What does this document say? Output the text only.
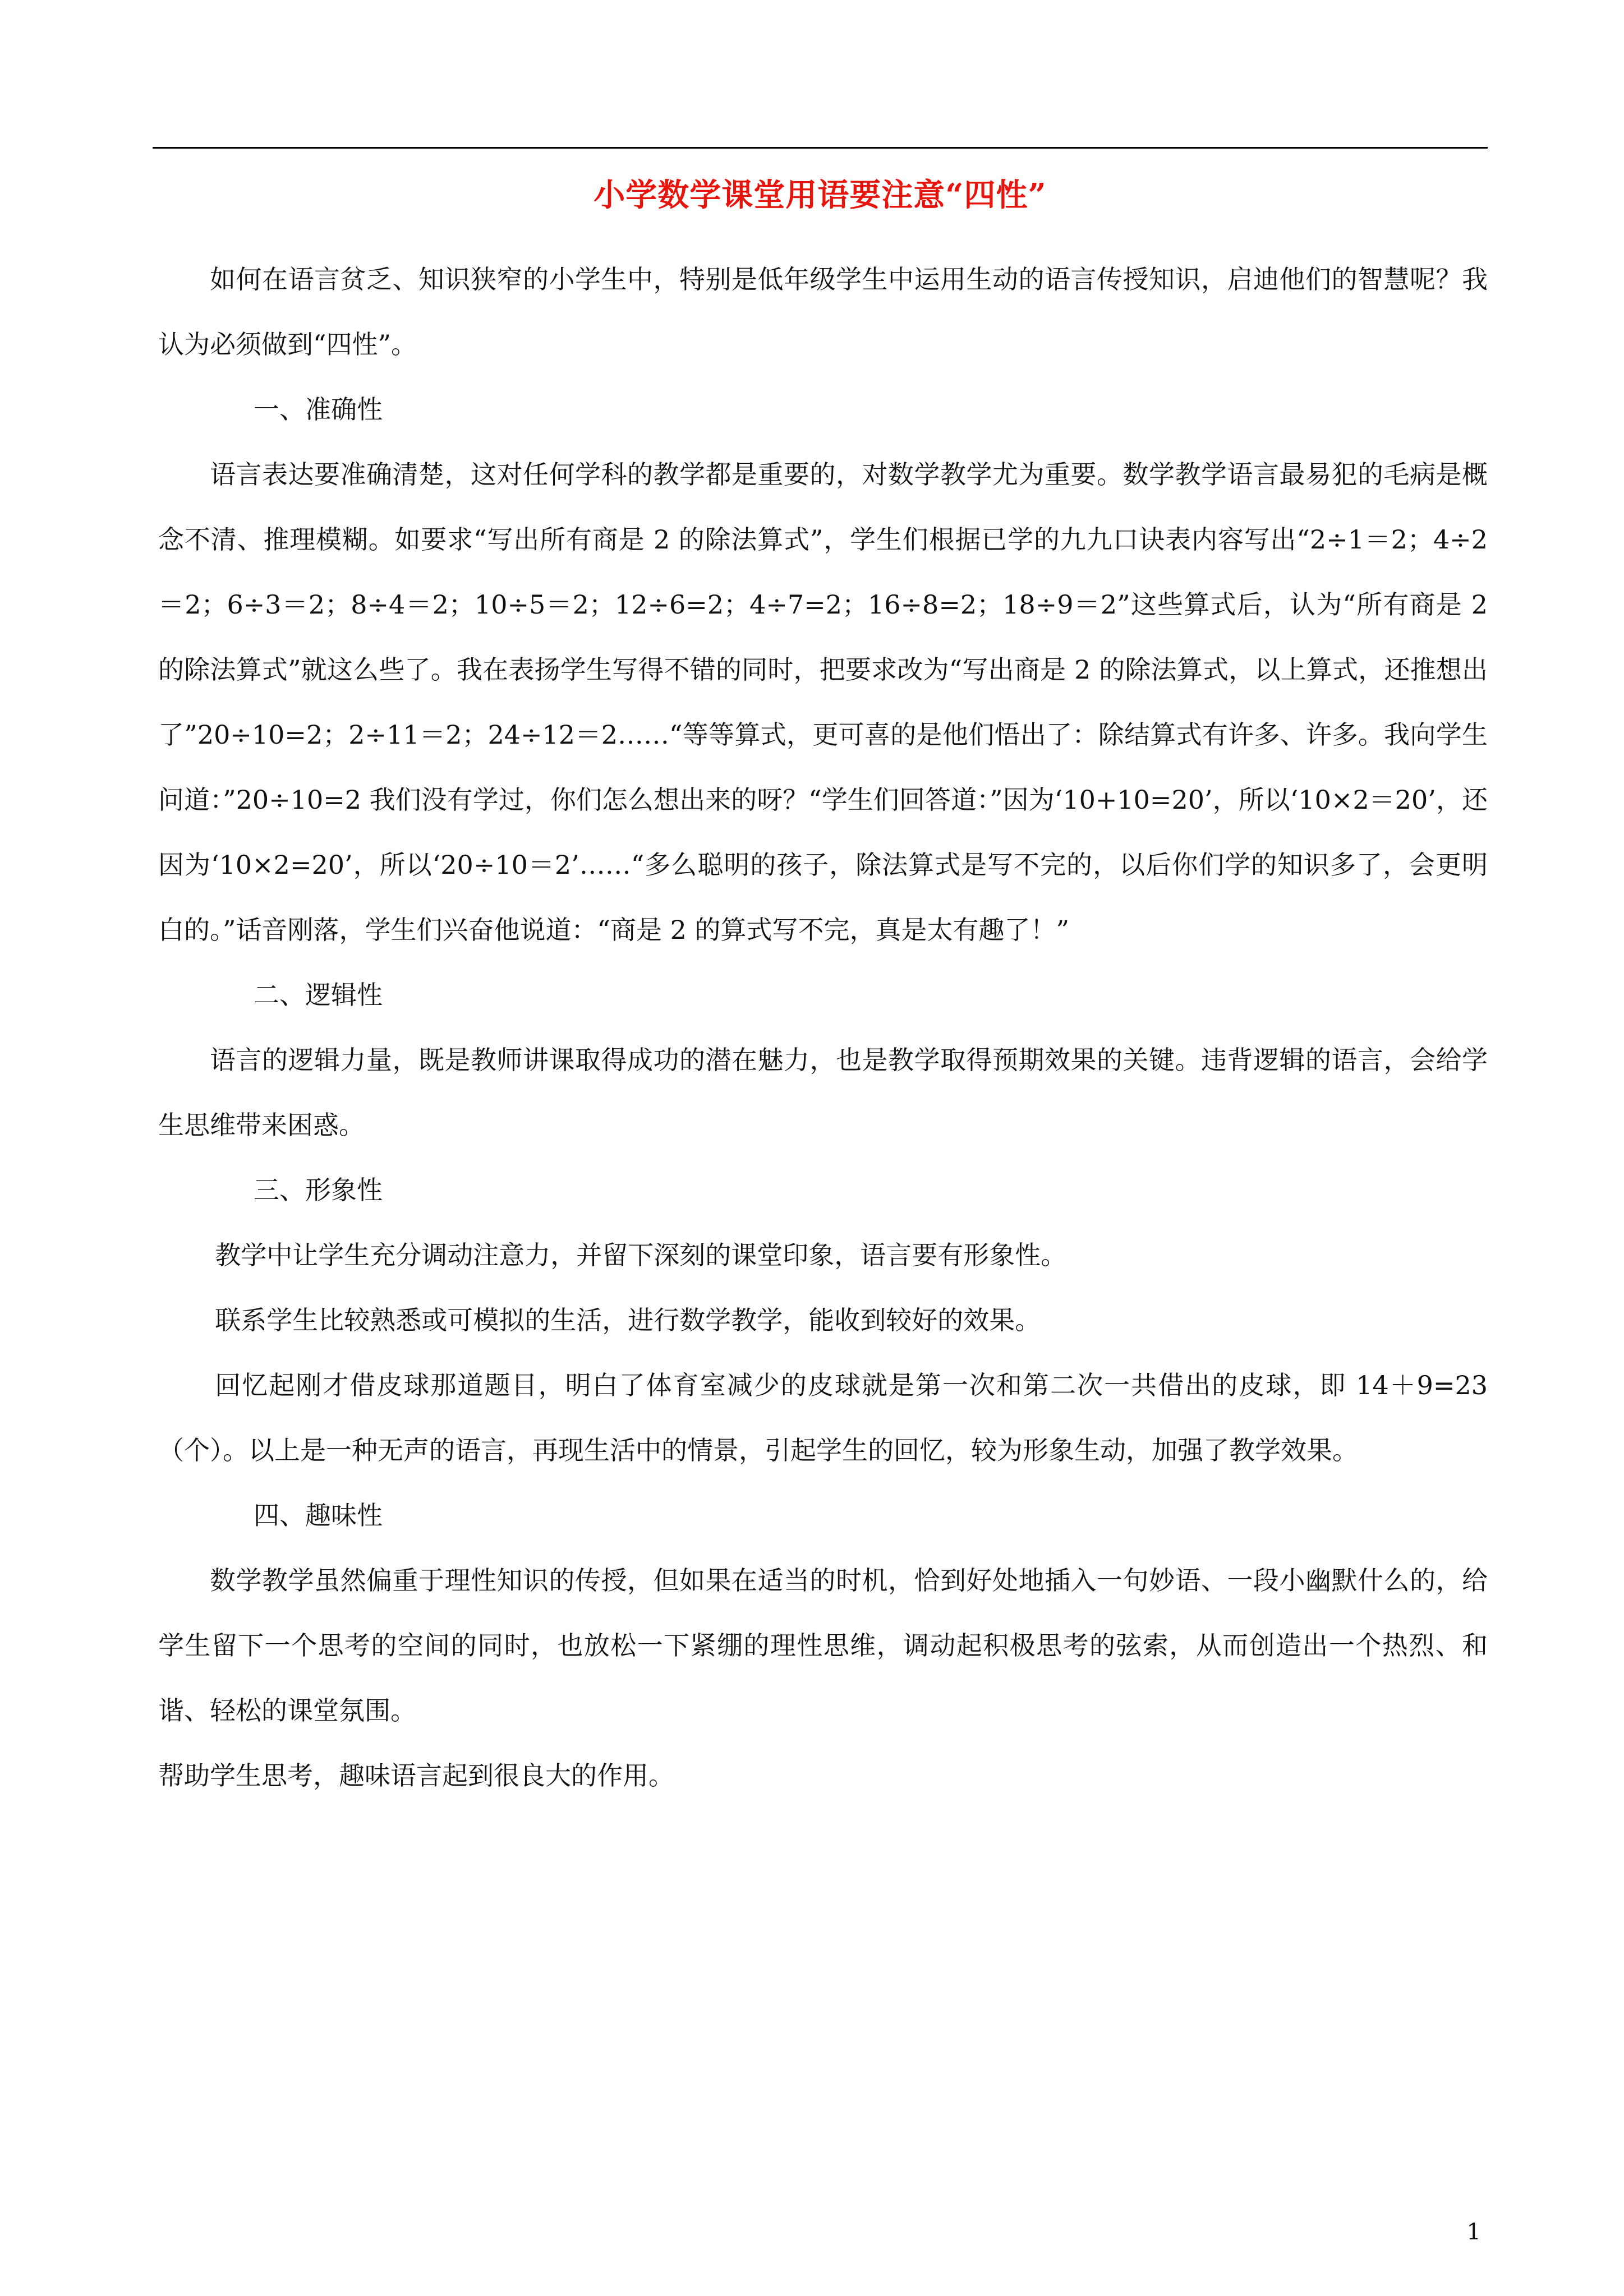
小学数学课堂用语要注意“四性”

如何在语言贫乏、知识狭窄的小学生中，特别是低年级学生中运用生动的语言传授知识，启迪他们的智慧呢？我认为必须做到“四性”。

一、准确性

语言表达要准确清楚，这对任何学科的教学都是重要的，对数学教学尤为重要。数学教学语言最易犯的毛病是概念不清、推理模糊。如要求“写出所有商是 2 的除法算式”，学生们根据已学的九九口诀表内容写出“2÷1＝2；4÷2＝2；6÷3＝2；8÷4＝2；10÷5＝2；12÷6=2；4÷7=2；16÷8=2；18÷9＝2”这些算式后，认为“所有商是 2 的除法算式”就这么些了。我在表扬学生写得不错的同时，把要求改为“写出商是 2 的除法算式，以上算式，还推想出了”20÷10=2；2÷11＝2；24÷12＝2……“等等算式，更可喜的是他们悟出了：除结算式有许多、许多。我向学生问道：”20÷10=2 我们没有学过，你们怎么想出来的呀？“学生们回答道：”因为‘10+10=20’，所以‘10×2＝20’，还因为‘10×2=20’，所以‘20÷10＝2’……“多么聪明的孩子，除法算式是写不完的，以后你们学的知识多了，会更明白的。”话音刚落，学生们兴奋他说道：“商是 2 的算式写不完，真是太有趣了！”

二、逻辑性

语言的逻辑力量，既是教师讲课取得成功的潜在魅力，也是教学取得预期效果的关键。违背逻辑的语言，会给学生思维带来困惑。

三、形象性

教学中让学生充分调动注意力，并留下深刻的课堂印象，语言要有形象性。

联系学生比较熟悉或可模拟的生活，进行数学教学，能收到较好的效果。

回忆起刚才借皮球那道题目，明白了体育室减少的皮球就是第一次和第二次一共借出的皮球，即 14＋9=23（个）。以上是一种无声的语言，再现生活中的情景，引起学生的回忆，较为形象生动，加强了教学效果。

四、趣味性

数学教学虽然偏重于理性知识的传授，但如果在适当的时机，恰到好处地插入一句妙语、一段小幽默什么的，给学生留下一个思考的空间的同时，也放松一下紧绷的理性思维，调动起积极思考的弦索，从而创造出一个热烈、和谐、轻松的课堂氛围。

帮助学生思考，趣味语言起到很良大的作用。

1
